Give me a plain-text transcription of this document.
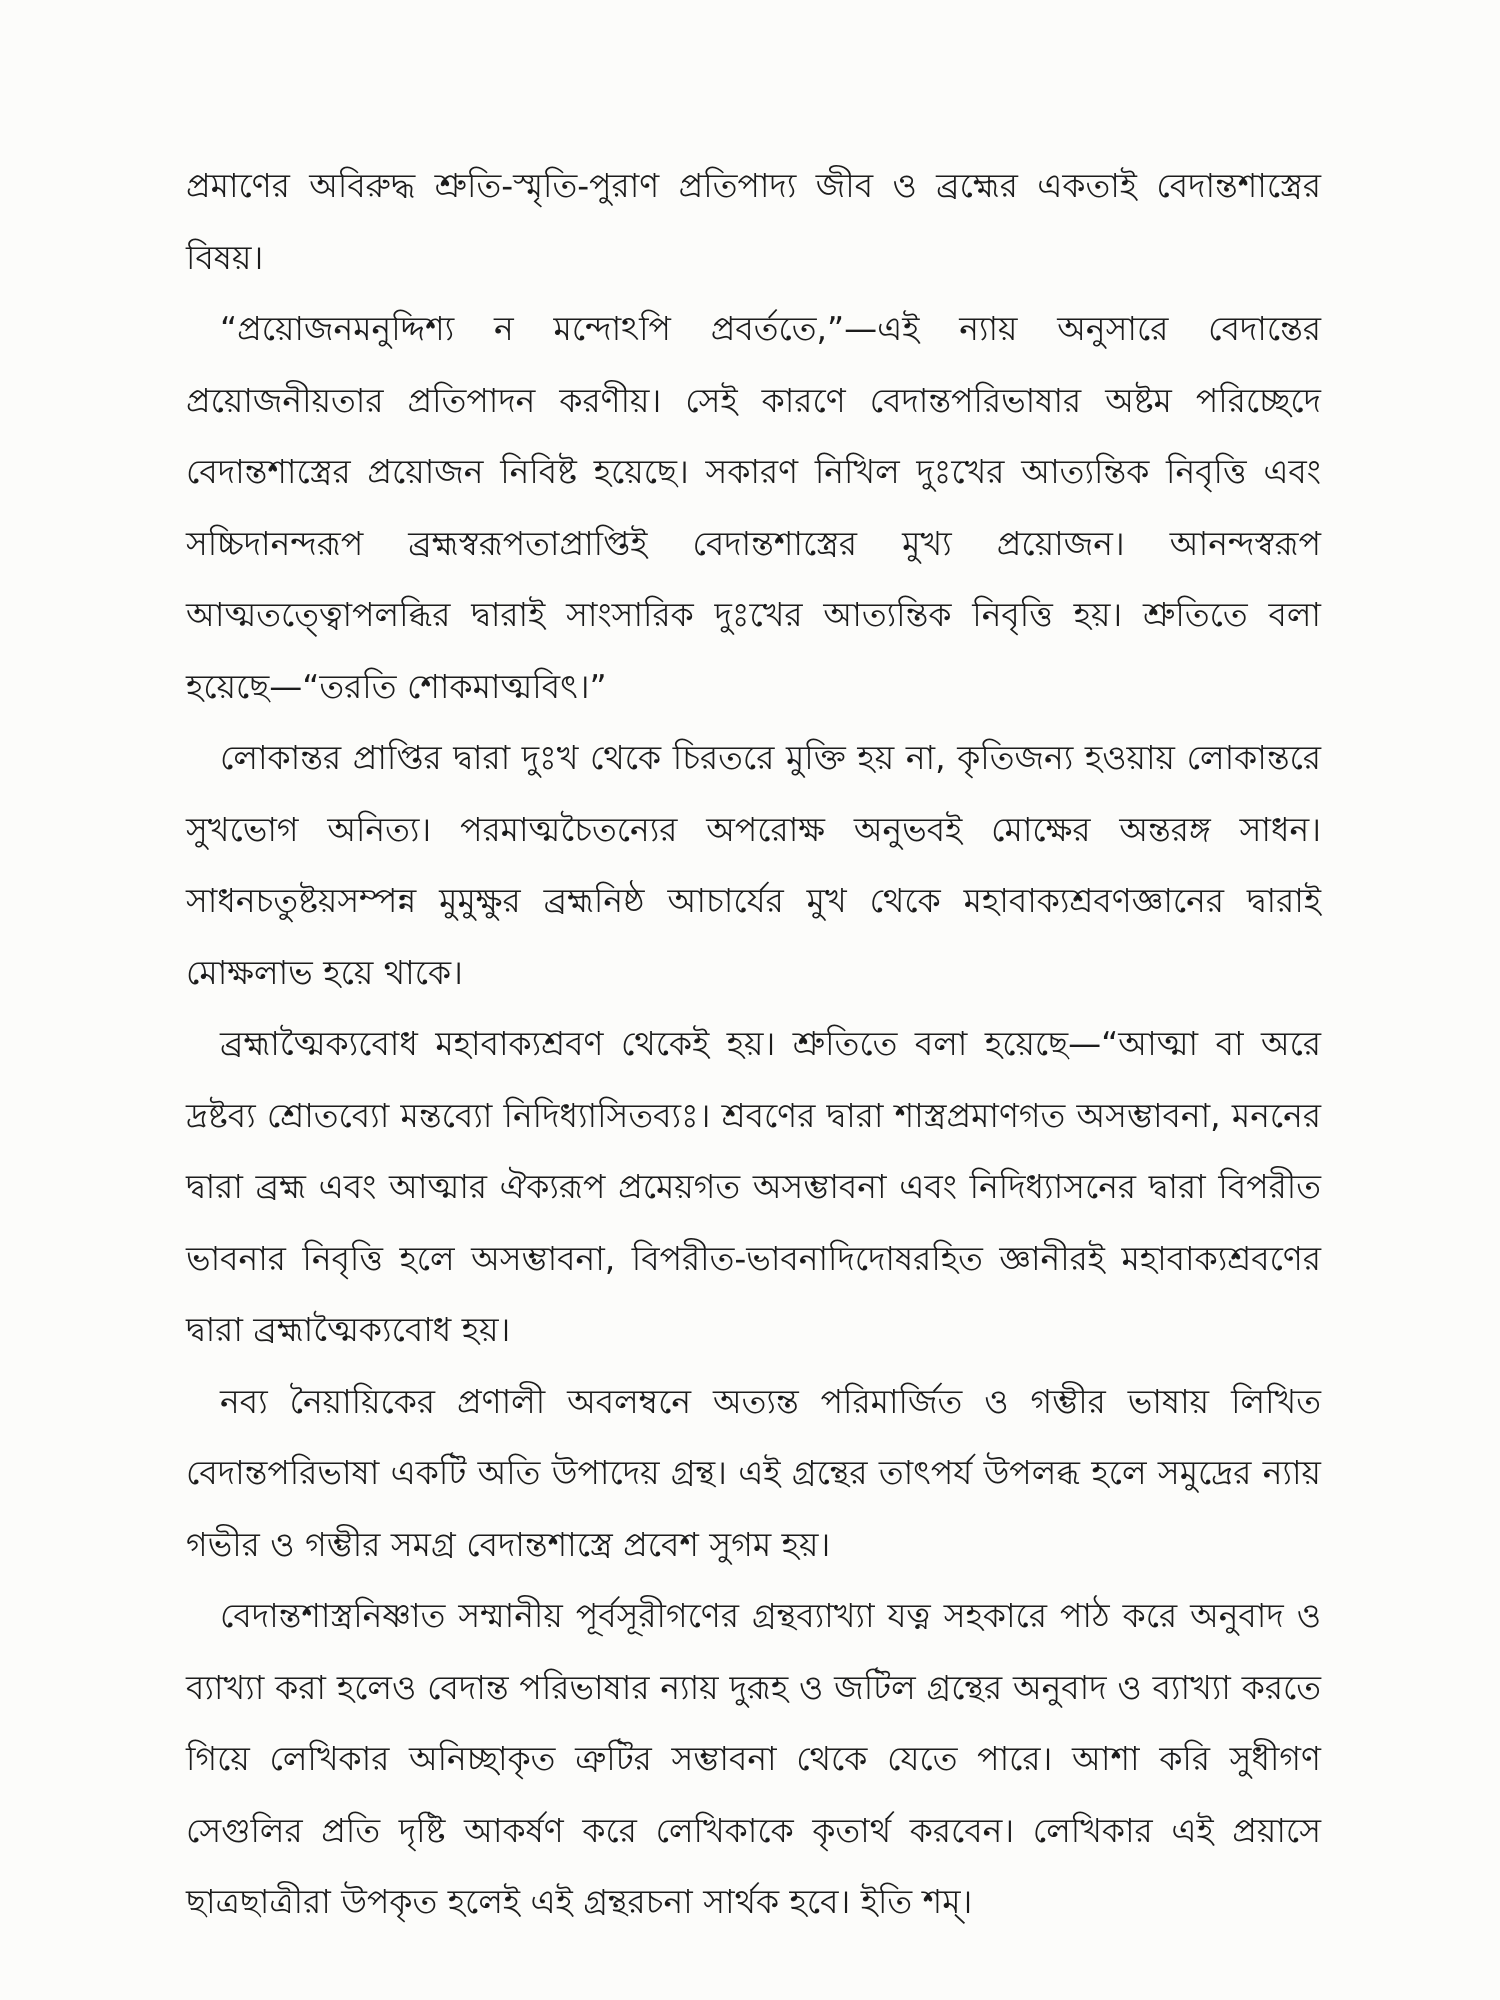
প্রমাণের অবিরুদ্ধ শ্রুতি-স্মৃতি-পুরাণ প্রতিপাদ্য জীব ও ব্রহ্মের একতাই বেদান্তশাস্ত্রের বিষয়।

“প্রয়োজনমনুদ্দিশ্য ন মন্দোঽপি প্রবর্ততে,”—এই ন্যায় অনুসারে বেদান্তের প্রয়োজনীয়তার প্রতিপাদন করণীয়। সেই কারণে বেদান্তপরিভাষার অষ্টম পরিচ্ছেদে বেদান্তশাস্ত্রের প্রয়োজন নিবিষ্ট হয়েছে। সকারণ নিখিল দুঃখের আত্যন্তিক নিবৃত্তি এবং সচ্চিদানন্দরূপ ব্রহ্মস্বরূপতাপ্রাপ্তিই বেদান্তশাস্ত্রের মুখ্য প্রয়োজন। আনন্দস্বরূপ আত্মতত্ত্বোপলব্ধির দ্বারাই সাংসারিক দুঃখের আত্যন্তিক নিবৃত্তি হয়। শ্রুতিতে বলা হয়েছে—“তরতি শোকমাত্মবিৎ।”

লোকান্তর প্রাপ্তির দ্বারা দুঃখ থেকে চিরতরে মুক্তি হয় না, কৃতিজন্য হওয়ায় লোকান্তরে সুখভোগ অনিত্য। পরমাত্মচৈতন্যের অপরোক্ষ অনুভবই মোক্ষের অন্তরঙ্গ সাধন। সাধনচতুষ্টয়সম্পন্ন মুমুক্ষুর ব্রহ্মনিষ্ঠ আচার্যের মুখ থেকে মহাবাক্যশ্রবণজ্ঞানের দ্বারাই মোক্ষলাভ হয়ে থাকে।

ব্রহ্মাত্মৈক্যবোধ মহাবাক্যশ্রবণ থেকেই হয়। শ্রুতিতে বলা হয়েছে—“আত্মা বা অরে দ্রষ্টব্য শ্রোতব্যো মন্তব্যো নিদিধ্যাসিতব্যঃ। শ্রবণের দ্বারা শাস্ত্রপ্রমাণগত অসম্ভাবনা, মননের দ্বারা ব্রহ্ম এবং আত্মার ঐক্যরূপ প্রমেয়গত অসম্ভাবনা এবং নিদিধ্যাসনের দ্বারা বিপরীত ভাবনার নিবৃত্তি হলে অসম্ভাবনা, বিপরীত-ভাবনাদিদোষরহিত জ্ঞানীরই মহাবাক্যশ্রবণের দ্বারা ব্রহ্মাত্মৈক্যবোধ হয়।

নব্য নৈয়ায়িকের প্রণালী অবলম্বনে অত্যন্ত পরিমার্জিত ও গম্ভীর ভাষায় লিখিত বেদান্তপরিভাষা একটি অতি উপাদেয় গ্রন্থ। এই গ্রন্থের তাৎপর্য উপলব্ধ হলে সমুদ্রের ন্যায় গভীর ও গম্ভীর সমগ্র বেদান্তশাস্ত্রে প্রবেশ সুগম হয়।

বেদান্তশাস্ত্রনিষ্ণাত সম্মানীয় পূর্বসূরীগণের গ্রন্থব্যাখ্যা যত্ন সহকারে পাঠ করে অনুবাদ ও ব্যাখ্যা করা হলেও বেদান্ত পরিভাষার ন্যায় দুরূহ ও জটিল গ্রন্থের অনুবাদ ও ব্যাখ্যা করতে গিয়ে লেখিকার অনিচ্ছাকৃত ত্রুটির সম্ভাবনা থেকে যেতে পারে। আশা করি সুধীগণ সেগুলির প্রতি দৃষ্টি আকর্ষণ করে লেখিকাকে কৃতার্থ করবেন। লেখিকার এই প্রয়াসে ছাত্রছাত্রীরা উপকৃত হলেই এই গ্রন্থরচনা সার্থক হবে। ইতি শম্।
